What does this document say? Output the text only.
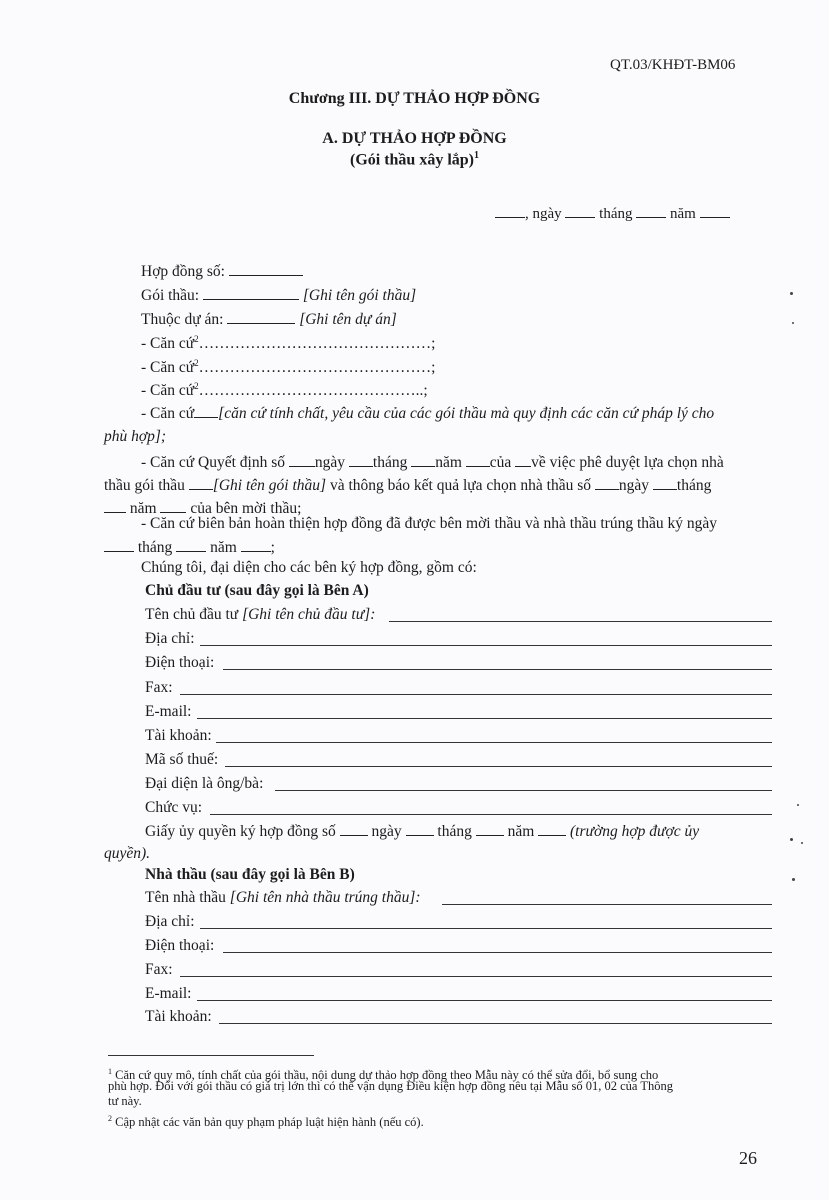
QT.03/KHĐT-BM06
Chương III. DỰ THẢO HỢP ĐỒNG
A. DỰ THẢO HỢP ĐỒNG
(Gói thầu xây lắp)$^1$
, ngày	tháng	năm
Hợp đồng số:
Gói thầu:	[Ghi tên gói thầu]
Thuộc dự án:	[Ghi tên dự án]
- Căn cứ$^2$………………………………………;
- Căn cứ$^2$………………………………………;
- Căn cứ$^2$……………………………………..;
- Căn cứ [căn cứ tính chất, yêu cầu của các gói thầu mà quy định các căn cứ pháp lý cho
phù hợp];
- Căn cứ Quyết định số ngày tháng năm của về việc phê duyệt lựa chọn nhà
thầu gói thầu [Ghi tên gói thầu] và thông báo kết quả lựa chọn nhà thầu số ngày tháng
năm của bên mời thầu;
- Căn cứ biên bản hoàn thiện hợp đồng đã được bên mời thầu và nhà thầu trúng thầu ký ngày
tháng năm ;
Chúng tôi, đại diện cho các bên ký hợp đồng, gồm có:
Chủ đầu tư (sau đây gọi là Bên A)
Tên chủ đầu tư [Ghi tên chủ đầu tư]:
Địa chỉ:
Điện thoại:
Fax:
E-mail:
Tài khoản:
Mã số thuế:
Đại diện là ông/bà:
Chức vụ:
Giấy ủy quyền ký hợp đồng số ngày tháng năm (trường hợp được ủy
quyền).
Nhà thầu (sau đây gọi là Bên B)
Tên nhà thầu [Ghi tên nhà thầu trúng thầu]:
Địa chỉ:
Điện thoại:
Fax:
E-mail:
Tài khoản:
$^1$ Căn cứ quy mô, tính chất của gói thầu, nội dung dự thảo hợp đồng theo Mẫu này có thể sửa đổi, bổ sung cho
phù hợp. Đối với gói thầu có giá trị lớn thì có thể vận dụng Điều kiện hợp đồng nêu tại Mẫu số 01, 02 của Thông
tư này.
$^2$ Cập nhật các văn bản quy phạm pháp luật hiện hành (nếu có).
26
